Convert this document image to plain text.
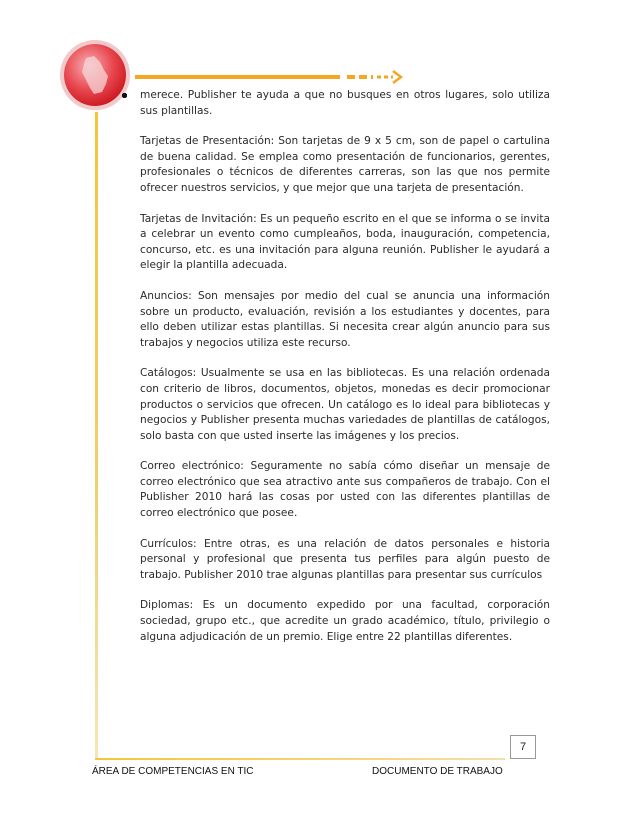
merece. Publisher te ayuda a que no busques en otros lugares, solo utiliza sus plantillas.

Tarjetas de Presentación: Son tarjetas de 9 x 5 cm, son de papel o cartulina de buena calidad. Se emplea como presentación de funcionarios, gerentes, profesionales o técnicos de diferentes carreras, son las que nos permite ofrecer nuestros servicios, y que mejor que una tarjeta de presentación.

Tarjetas de Invitación: Es un pequeño escrito en el que se informa o se invita a celebrar un evento como cumpleaños, boda, inauguración, competencia, concurso, etc. es una invitación para alguna reunión. Publisher le ayudará a elegir la plantilla adecuada.

Anuncios: Son mensajes por medio del cual se anuncia una información sobre un producto, evaluación, revisión a los estudiantes y docentes, para ello deben utilizar estas plantillas. Si necesita crear algún anuncio para sus trabajos y negocios utiliza este recurso.

Catálogos: Usualmente se usa en las bibliotecas. Es una relación ordenada con criterio de libros, documentos, objetos, monedas es decir promocionar productos o servicios que ofrecen. Un catálogo es lo ideal para bibliotecas y negocios y Publisher presenta muchas variedades de plantillas de catálogos, solo basta con que usted inserte las imágenes y los precios.

Correo electrónico: Seguramente no sabía cómo diseñar un mensaje de correo electrónico que sea atractivo ante sus compañeros de trabajo. Con el Publisher 2010 hará las cosas por usted con las diferentes plantillas de correo electrónico que posee.

Currículos: Entre otras, es una relación de datos personales e historia personal y profesional que presenta tus perfiles para algún puesto de trabajo. Publisher 2010 trae algunas plantillas para presentar sus currículos

Diplomas: Es un documento expedido por una facultad, corporación sociedad, grupo etc., que acredite un grado académico, título, privilegio o alguna adjudicación de un premio. Elige entre 22 plantillas diferentes.

7
ÁREA DE COMPETENCIAS EN TIC	DOCUMENTO DE TRABAJO
